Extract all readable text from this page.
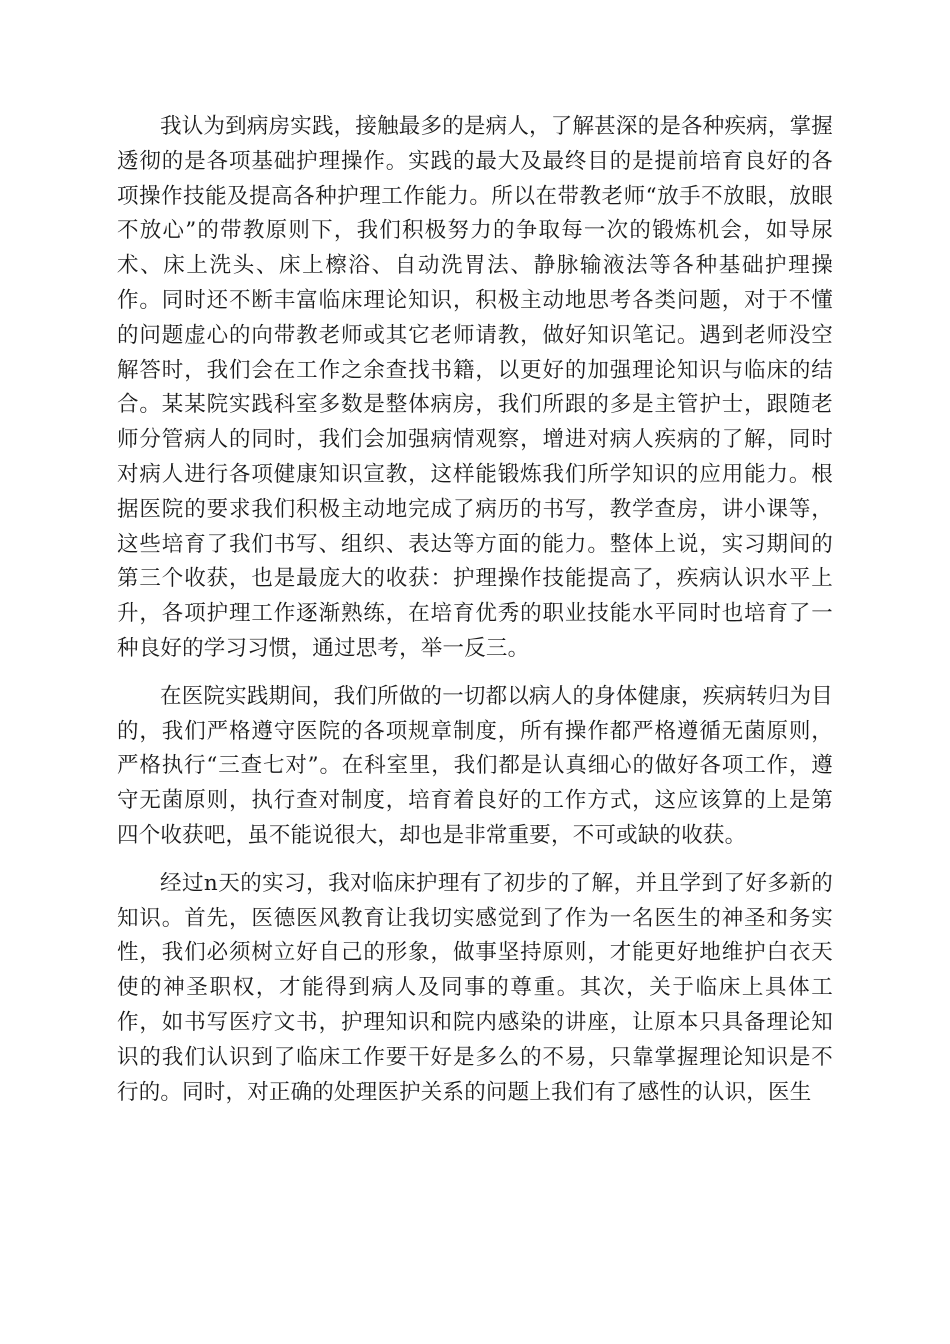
我认为到病房实践，接触最多的是病人，了解甚深的是各种疾病，掌握透彻的是各项基础护理操作。实践的最大及最终目的是提前培育良好的各项操作技能及提高各种护理工作能力。所以在带教老师“放手不放眼，放眼不放心”的带教原则下，我们积极努力的争取每一次的锻炼机会，如导尿术、床上洗头、床上檫浴、自动洗胃法、静脉输液法等各种基础护理操作。同时还不断丰富临床理论知识，积极主动地思考各类问题，对于不懂的问题虚心的向带教老师或其它老师请教，做好知识笔记。遇到老师没空解答时，我们会在工作之余查找书籍，以更好的加强理论知识与临床的结合。某某院实践科室多数是整体病房，我们所跟的多是主管护士，跟随老师分管病人的同时，我们会加强病情观察，增进对病人疾病的了解，同时对病人进行各项健康知识宣教，这样能锻炼我们所学知识的应用能力。根据医院的要求我们积极主动地完成了病历的书写，教学查房，讲小课等，这些培育了我们书写、组织、表达等方面的能力。整体上说，实习期间的第三个收获，也是最庞大的收获：护理操作技能提高了，疾病认识水平上升，各项护理工作逐渐熟练，在培育优秀的职业技能水平同时也培育了一种良好的学习习惯，通过思考，举一反三。

在医院实践期间，我们所做的一切都以病人的身体健康，疾病转归为目的，我们严格遵守医院的各项规章制度，所有操作都严格遵循无菌原则，严格执行“三查七对”。在科室里，我们都是认真细心的做好各项工作，遵守无菌原则，执行查对制度，培育着良好的工作方式，这应该算的上是第四个收获吧，虽不能说很大，却也是非常重要，不可或缺的收获。

经过n天的实习，我对临床护理有了初步的了解，并且学到了好多新的知识。首先，医德医风教育让我切实感觉到了作为一名医生的神圣和务实性，我们必须树立好自己的形象，做事坚持原则，才能更好地维护白衣天使的神圣职权，才能得到病人及同事的尊重。其次，关于临床上具体工作，如书写医疗文书，护理知识和院内感染的讲座，让原本只具备理论知识的我们认识到了临床工作要干好是多么的不易，只靠掌握理论知识是不行的。同时，对正确的处理医护关系的问题上我们有了感性的认识，医生
